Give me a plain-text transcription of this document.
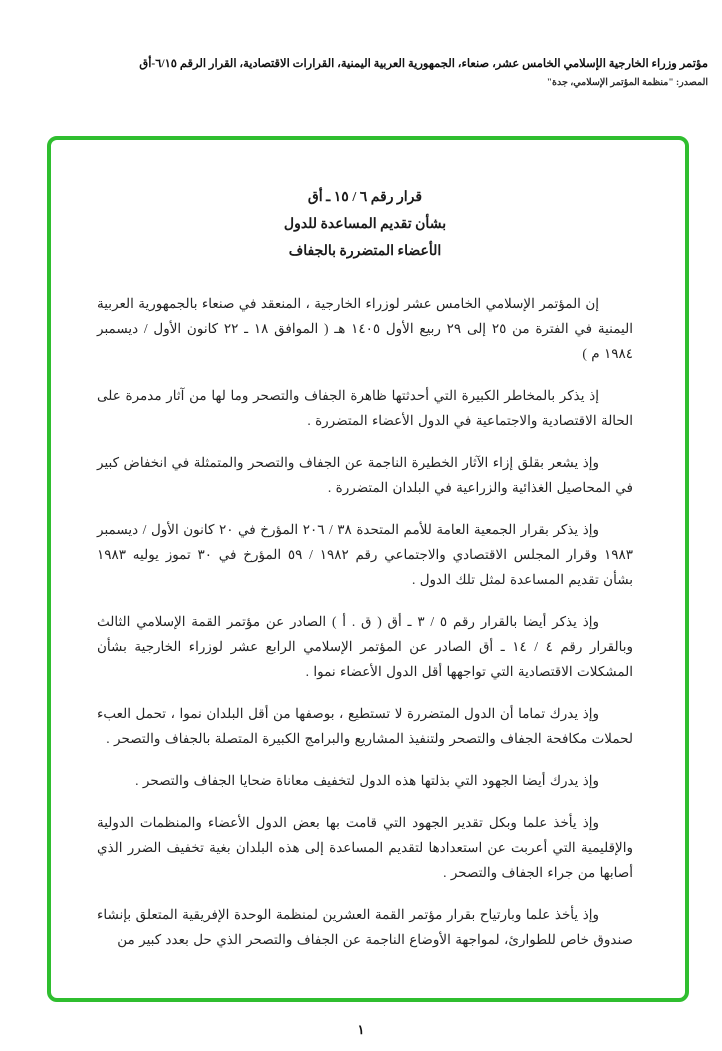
مؤتمر وزراء الخارجية الإسلامي الخامس عشر، صنعاء، الجمهورية العربية اليمنية، القرارات الاقتصادية، القرار الرقم ٦/١٥-أق
المصدر: "منظمة المؤتمر الإسلامي، جدة"
قرار رقم ٦ / ١٥ ـ أق
بشأن تقديم المساعدة للدول
الأعضاء المتضررة بالجفاف

إن المؤتمر الإسلامي الخامس عشر لوزراء الخارجية ، المنعقد في صنعاء بالجمهورية العربية اليمنية في الفترة من ٢٥ إلى ٢٩ ربيع الأول ١٤٠٥ هـ ( الموافق ١٨ ـ ٢٢ كانون الأول / ديسمبر ١٩٨٤ م )

إذ يذكر بالمخاطر الكبيرة التي أحدثتها ظاهرة الجفاف والتصحر وما لها من آثار مدمرة على الحالة الاقتصادية والاجتماعية في الدول الأعضاء المتضررة .

وإذ يشعر بقلق إزاء الآثار الخطيرة الناجمة عن الجفاف والتصحر والمتمثلة في انخفاض كبير في المحاصيل الغذائية والزراعية في البلدان المتضررة .

وإذ يذكر بقرار الجمعية العامة للأمم المتحدة ٣٨ / ٢٠٦ المؤرخ في ٢٠ كانون الأول / ديسمبر ١٩٨٣ وقرار المجلس الاقتصادي والاجتماعي رقم ١٩٨٢ / ٥٩ المؤرخ في ٣٠ تموز يوليه ١٩٨٣ بشأن تقديم المساعدة لمثل تلك الدول .

وإذ يذكر أيضا بالقرار رقم ٥ / ٣ ـ أق ( ق . أ ) الصادر عن مؤتمر القمة الإسلامي الثالث وبالقرار رقم ٤ / ١٤ ـ أق الصادر عن المؤتمر الإسلامي الرابع عشر لوزراء الخارجية بشأن المشكلات الاقتصادية التي تواجهها أقل الدول الأعضاء نموا .

وإذ يدرك تماما أن الدول المتضررة لا تستطيع ، بوصفها من أقل البلدان نموا ، تحمل العبء لحملات مكافحة الجفاف والتصحر ولتنفيذ المشاريع والبرامج الكبيرة المتصلة بالجفاف والتصحر .

وإذ يدرك أيضا الجهود التي بذلتها هذه الدول لتخفيف معاناة ضحايا الجفاف والتصحر .

وإذ يأخذ علما وبكل تقدير الجهود التي قامت بها بعض الدول الأعضاء والمنظمات الدولية والإقليمية التي أعربت عن استعدادها لتقديم المساعدة إلى هذه البلدان بغية تخفيف الضرر الذي أصابها من جراء الجفاف والتصحر .

وإذ يأخذ علما وبارتياح بقرار مؤتمر القمة العشرين لمنظمة الوحدة الإفريقية المتعلق بإنشاء صندوق خاص للطوارئ، لمواجهة الأوضاع الناجمة عن الجفاف والتصحر الذي حل بعدد كبير من

١
